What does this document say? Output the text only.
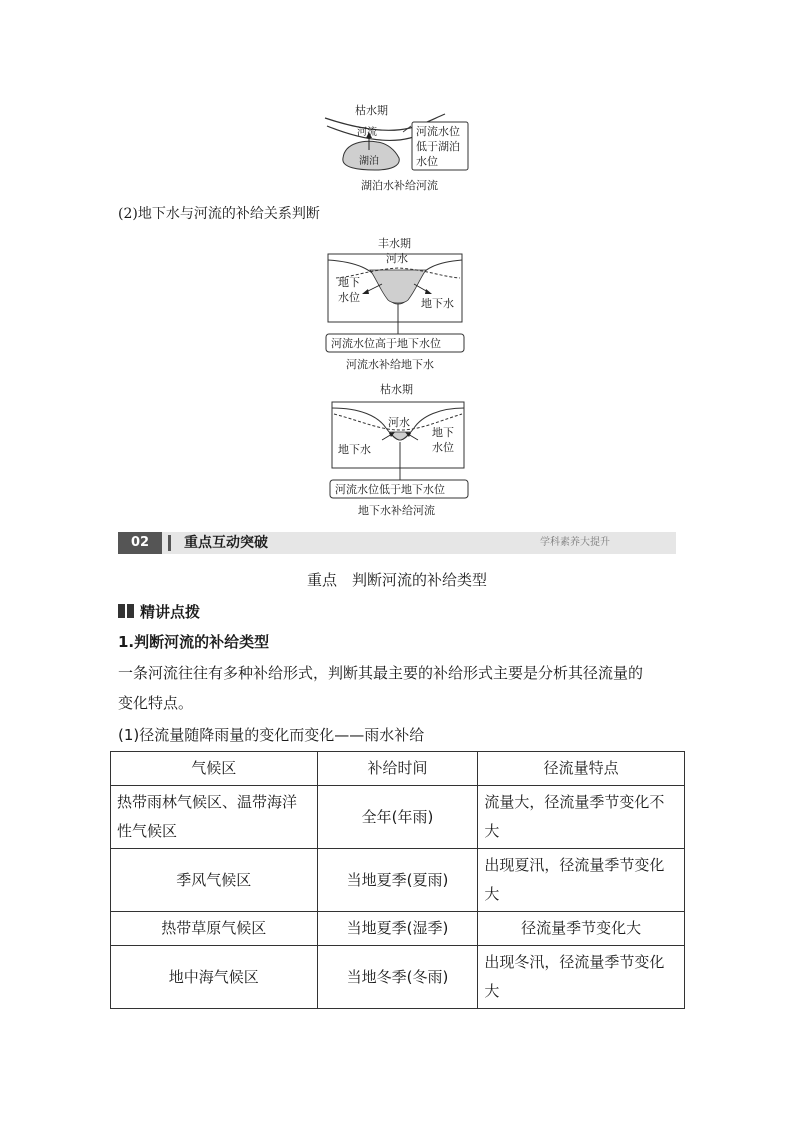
枯水期
河流
湖泊
河流水位
低于湖泊
水位
湖泊水补给河流
(2)地下水与河流的补给关系判断
丰水期
河水
地下
水位	地下水
河流水位高于地下水位
河流水补给地下水
枯水期
河水
地下
水位
地下水
河流水位低于地下水位
地下水补给河流
02	重点互动突破	学科素养大提升
重点　判断河流的补给类型
精讲点拨
1.判断河流的补给类型
一条河流往往有多种补给形式，判断其最主要的补给形式主要是分析其径流量的
变化特点。
(1)径流量随降雨量的变化而变化——雨水补给
气候区	补给时间	径流量特点
热带雨林气候区、温带海洋性气候区	全年(年雨)	流量大，径流量季节变化不大
季风气候区	当地夏季(夏雨)	出现夏汛，径流量季节变化大
热带草原气候区	当地夏季(湿季)	径流量季节变化大
地中海气候区	当地冬季(冬雨)	出现冬汛，径流量季节变化大
